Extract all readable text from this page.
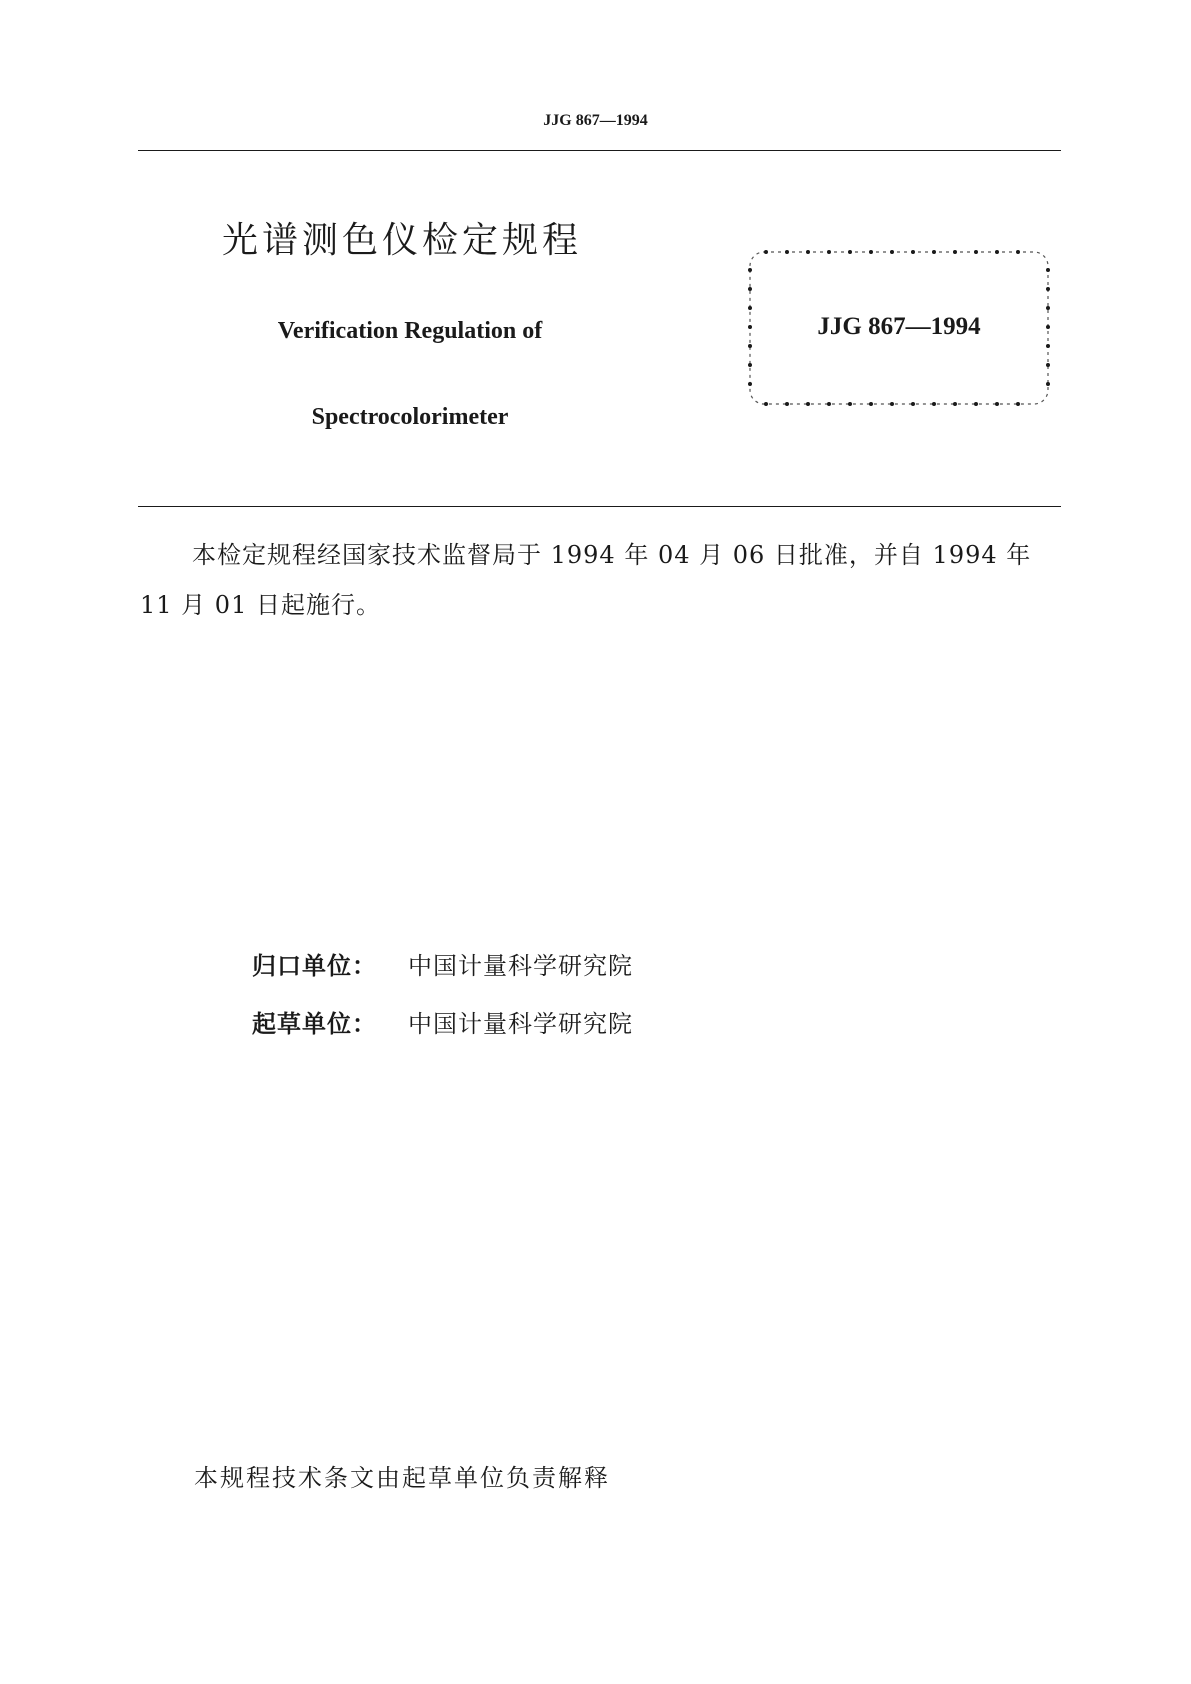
JJG 867—1994
光谱测色仪检定规程
Verification Regulation of
Spectrocolorimeter
JJG 867—1994
本检定规程经国家技术监督局于 1994 年 04 月 06 日批准，并自 1994 年 11 月 01 日起施行。
归口单位： 中国计量科学研究院
起草单位： 中国计量科学研究院
本规程技术条文由起草单位负责解释
